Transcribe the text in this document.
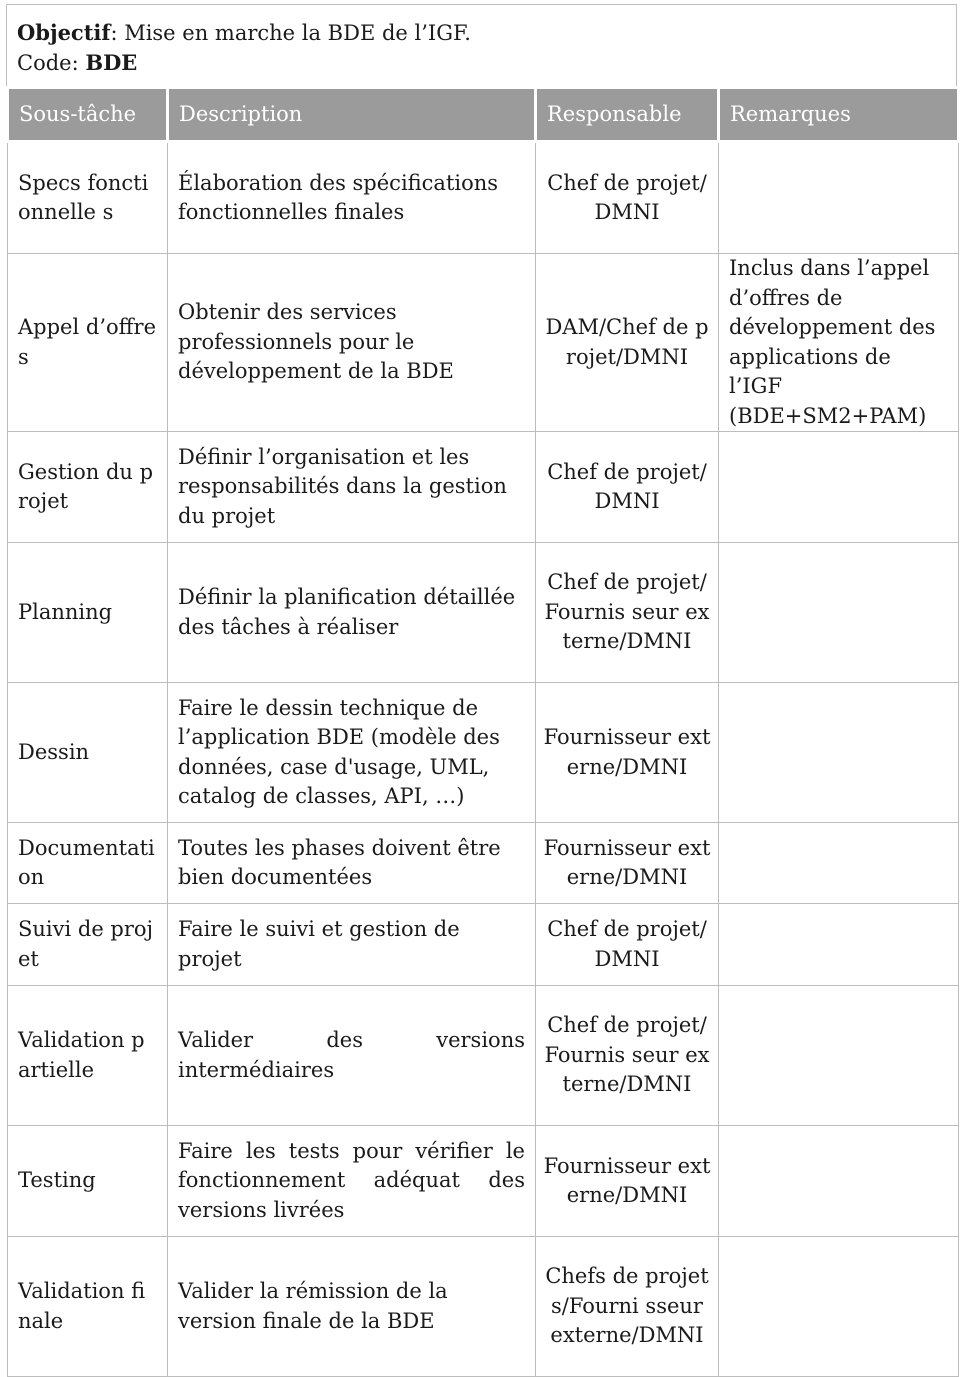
Objectif: Mise en marche la BDE de l’IGF.
Code: BDE
Sous-tâche	Description	Responsable	Remarques
Specs fonctionnelle s	Élaboration des spécifications fonctionnelles finales	Chef de projet/DMNI	
Appel d’offres	Obtenir des services professionnels pour le développement de la BDE	DAM/Chef de projet/DMNI	Inclus dans l’appel d’offres de développement des applications de l’IGF (BDE+SM2+PAM)
Gestion du projet	Définir l’organisation et les responsabilités dans la gestion du projet	Chef de projet/DMNI	
Planning	Définir la planification détaillée des tâches à réaliser	Chef de projet/Fournis seur externe/DMNI	
Dessin	Faire le dessin technique de l’application BDE (modèle des données, case d'usage, UML, catalog de classes, API, …)	Fournisseur externe/DMNI	
Documentati on	Toutes les phases doivent être bien documentées	Fournisseur externe/DMNI	
Suivi de projet	Faire le suivi et gestion de projet	Chef de projet/DMNI	
Validation partielle	Valider des versions intermédiaires	Chef de projet/Fournis seur externe/DMNI	
Testing	Faire les tests pour vérifier le fonctionnement adéquat des versions livrées	Fournisseur externe/DMNI	
Validation finale	Valider la rémission de la version finale de la BDE	Chefs de projets/Fourni sseur externe/DMNI	
